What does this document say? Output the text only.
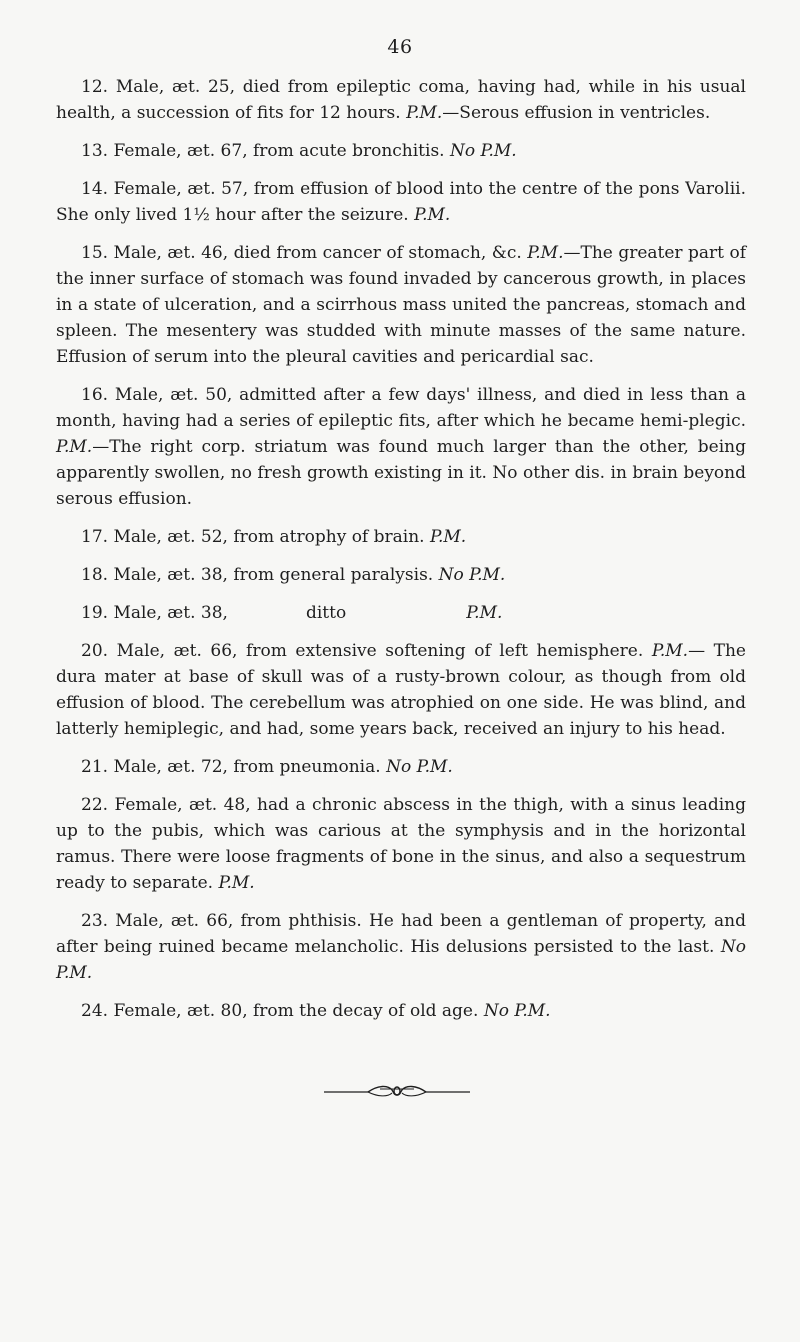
46

12. Male, æt. 25, died from epileptic coma, having had, while in his usual health, a succession of fits for 12 hours. P.M.—Serous effusion in ventricles.

13. Female, æt. 67, from acute bronchitis. No P.M.

14. Female, æt. 57, from effusion of blood into the centre of the pons Varolii. She only lived 1½ hour after the seizure. P.M.

15. Male, æt. 46, died from cancer of stomach, &c. P.M.—The greater part of the inner surface of stomach was found invaded by cancerous growth, in places in a state of ulceration, and a scirrhous mass united the pancreas, stomach and spleen. The mesentery was studded with minute masses of the same nature. Effusion of serum into the pleural cavities and pericardial sac.

16. Male, æt. 50, admitted after a few days' illness, and died in less than a month, having had a series of epileptic fits, after which he became hemi-plegic. P.M.—The right corp. striatum was found much larger than the other, being apparently swollen, no fresh growth existing in it. No other dis. in brain beyond serous effusion.

17. Male, æt. 52, from atrophy of brain. P.M.

18. Male, æt. 38, from general paralysis. No P.M.

19. Male, æt. 38,	ditto	P.M.

20. Male, æt. 66, from extensive softening of left hemisphere. P.M.— The dura mater at base of skull was of a rusty-brown colour, as though from old effusion of blood. The cerebellum was atrophied on one side. He was blind, and latterly hemiplegic, and had, some years back, received an injury to his head.

21. Male, æt. 72, from pneumonia. No P.M.

22. Female, æt. 48, had a chronic abscess in the thigh, with a sinus leading up to the pubis, which was carious at the symphysis and in the horizontal ramus. There were loose fragments of bone in the sinus, and also a sequestrum ready to separate. P.M.

23. Male, æt. 66, from phthisis. He had been a gentleman of property, and after being ruined became melancholic. His delusions persisted to the last. No P.M.

24. Female, æt. 80, from the decay of old age. No P.M.
